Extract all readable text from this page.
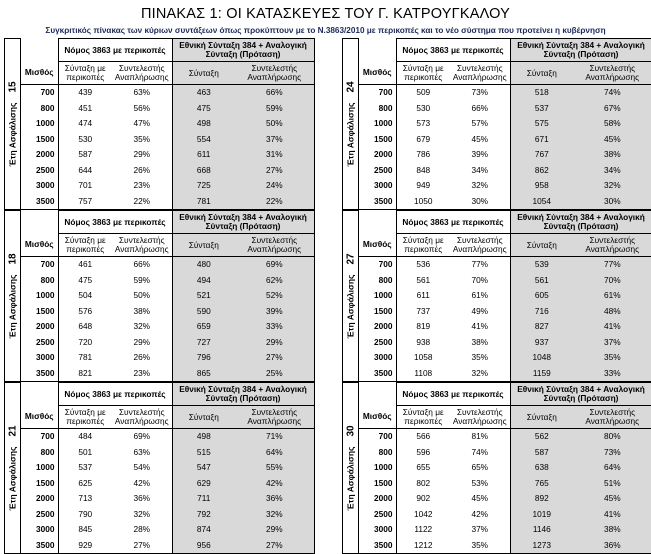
ΠΙΝΑΚΑΣ 1: ΟΙ ΚΑΤΑΣΚΕΥΕΣ ΤΟΥ Γ. ΚΑΤΡΟΥΓΚΑΛΟΥ
Συγκριτικός πίνακας των κύριων συντάξεων όπως προκύπτουν με το Ν.3863/2010 με περικοπές και το νέο σύστημα που προτείνει η κυβέρνηση
Έτη Ασφάλισης15
	Νόμος 3863 με περικοπές		Εθνική Σύνταξη 384 + Αναλογική Σύνταξη (Πρόταση)	
Μισθός	Σύνταξη με περικοπές	Συντελεστής Αναπλήρωσης	Σύνταξη	Συντελεστής Αναπλήρωσης
700	439	63%	463	66%
800	451	56%	475	59%
1000	474	47%	498	50%
1500	530	35%	554	37%
2000	587	29%	611	31%
2500	644	26%	668	27%
3000	701	23%	725	24%
3500	757	22%	781	22%
Έτη Ασφάλισης24
	Νόμος 3863 με περικοπές		Εθνική Σύνταξη 384 + Αναλογική Σύνταξη (Πρόταση)	
Μισθός	Σύνταξη με περικοπές	Συντελεστής Αναπλήρωσης	Σύνταξη	Συντελεστής Αναπλήρωσης
700	509	73%	518	74%
800	530	66%	537	67%
1000	573	57%	575	58%
1500	679	45%	671	45%
2000	786	39%	767	38%
2500	848	34%	862	34%
3000	949	32%	958	32%
3500	1050	30%	1054	30%
Έτη Ασφάλισης18
	Νόμος 3863 με περικοπές		Εθνική Σύνταξη 384 + Αναλογική Σύνταξη (Πρόταση)	
Μισθός	Σύνταξη με περικοπές	Συντελεστής Αναπλήρωσης	Σύνταξη	Συντελεστής Αναπλήρωσης
700	461	66%	480	69%
800	475	59%	494	62%
1000	504	50%	521	52%
1500	576	38%	590	39%
2000	648	32%	659	33%
2500	720	29%	727	29%
3000	781	26%	796	27%
3500	821	23%	865	25%
Έτη Ασφάλισης27
	Νόμος 3863 με περικοπές		Εθνική Σύνταξη 384 + Αναλογική Σύνταξη (Πρόταση)	
Μισθός	Σύνταξη με περικοπές	Συντελεστής Αναπλήρωσης	Σύνταξη	Συντελεστής Αναπλήρωσης
700	536	77%	539	77%
800	561	70%	561	70%
1000	611	61%	605	61%
1500	737	49%	716	48%
2000	819	41%	827	41%
2500	938	38%	937	37%
3000	1058	35%	1048	35%
3500	1108	32%	1159	33%
Έτη Ασφάλισης21
	Νόμος 3863 με περικοπές		Εθνική Σύνταξη 384 + Αναλογική Σύνταξη (Πρόταση)	
Μισθός	Σύνταξη με περικοπές	Συντελεστής Αναπλήρωσης	Σύνταξη	Συντελεστής Αναπλήρωσης
700	484	69%	498	71%
800	501	63%	515	64%
1000	537	54%	547	55%
1500	625	42%	629	42%
2000	713	36%	711	36%
2500	790	32%	792	32%
3000	845	28%	874	29%
3500	929	27%	956	27%
Έτη Ασφάλισης30
	Νόμος 3863 με περικοπές		Εθνική Σύνταξη 384 + Αναλογική Σύνταξη (Πρόταση)	
Μισθός	Σύνταξη με περικοπές	Συντελεστής Αναπλήρωσης	Σύνταξη	Συντελεστής Αναπλήρωσης
700	566	81%	562	80%
800	596	74%	587	73%
1000	655	65%	638	64%
1500	802	53%	765	51%
2000	902	45%	892	45%
2500	1042	42%	1019	41%
3000	1122	37%	1146	38%
3500	1212	35%	1273	36%
